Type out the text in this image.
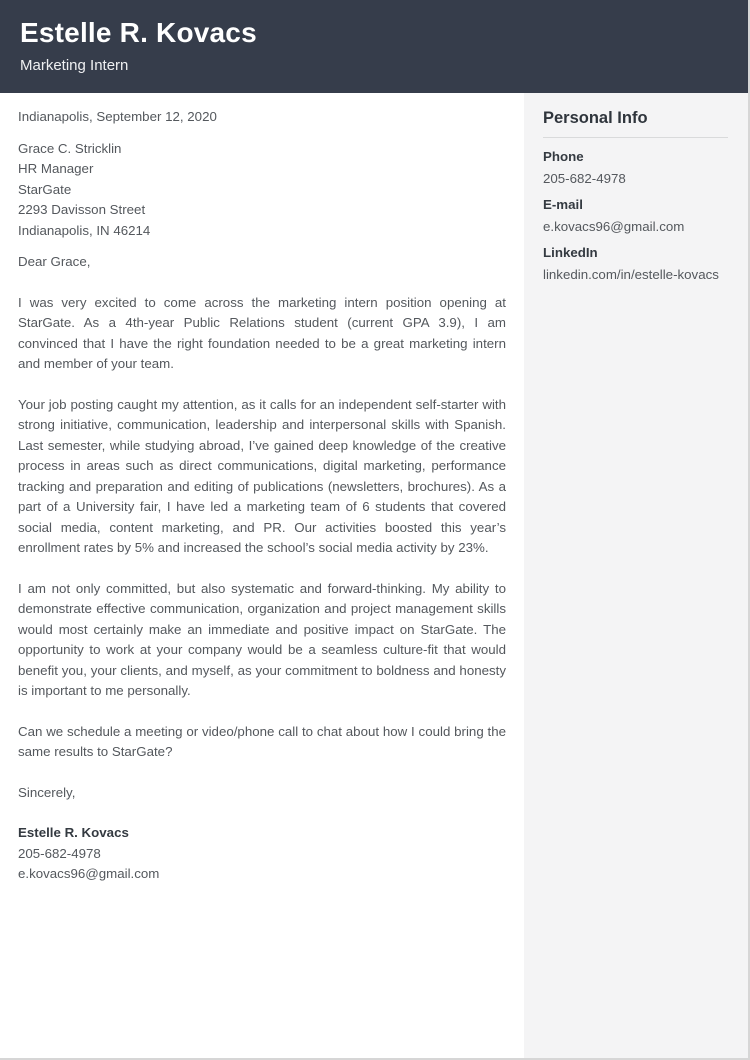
Estelle R. Kovacs
Marketing Intern
Indianapolis, September 12, 2020
Grace C. Stricklin
HR Manager
StarGate
2293 Davisson Street
Indianapolis, IN 46214
Dear Grace,

I was very excited to come across the marketing intern position opening at StarGate. As a 4th-year Public Relations student (current GPA 3.9), I am convinced that I have the right foundation needed to be a great marketing intern and member of your team.

Your job posting caught my attention, as it calls for an independent self-starter with strong initiative, communication, leadership and interpersonal skills with Spanish. Last semester, while studying abroad, I’ve gained deep knowledge of the creative process in areas such as direct communications, digital marketing, performance tracking and preparation and editing of publications (newsletters, brochures). As a part of a University fair, I have led a marketing team of 6 students that covered social media, content marketing, and PR. Our activities boosted this year’s enrollment rates by 5% and increased the school’s social media activity by 23%.

I am not only committed, but also systematic and forward-thinking. My ability to demonstrate effective communication, organization and project management skills would most certainly make an immediate and positive impact on StarGate. The opportunity to work at your company would be a seamless culture-fit that would benefit you, your clients, and myself, as your commitment to boldness and honesty is important to me personally.

Can we schedule a meeting or video/phone call to chat about how I could bring the same results to StarGate?

Sincerely,
Estelle R. Kovacs
205-682-4978
e.kovacs96@gmail.com
Personal Info
Phone
205-682-4978
E-mail
e.kovacs96@gmail.com
LinkedIn
linkedin.com/in/estelle-kovacs
